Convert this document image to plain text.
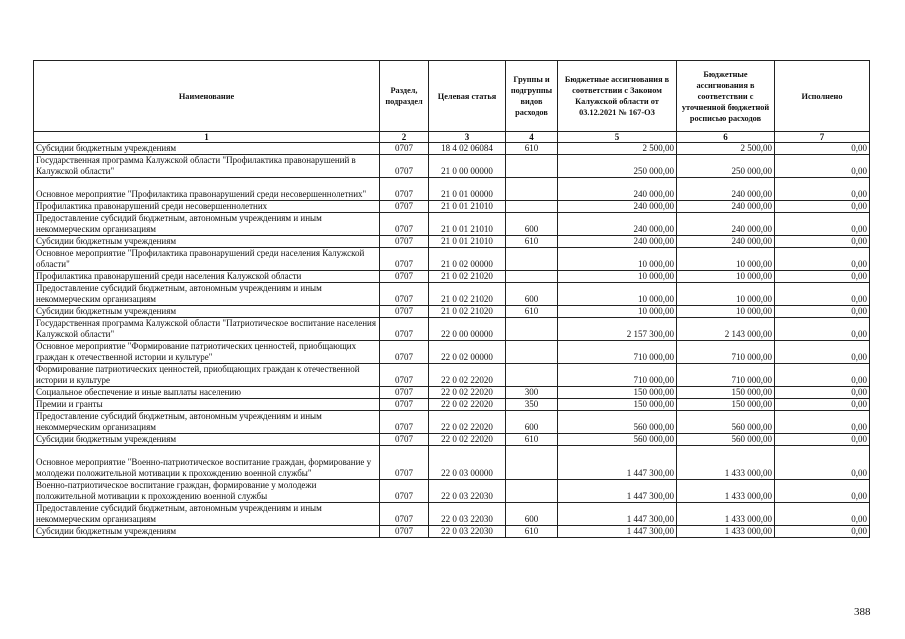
Наименование	Раздел, подраздел	Целевая статья	Группы и подгруппы видов расходов	Бюджетные ассигнования в соответствии с Законом Калужской области от 03.12.2021 № 167-ОЗ	Бюджетные ассигнования в соответствии с уточненной бюджетной росписью расходов	Исполнено
1	2	3	4	5	6	7
Субсидии бюджетным учреждениям	0707	18 4 02 06084	610	2 500,00	2 500,00	0,00
Государственная программа Калужской области "Профилактика правонарушений в Калужской области"	0707	21 0 00 00000		250 000,00	250 000,00	0,00
Основное мероприятие "Профилактика правонарушений среди несовершеннолетних"	0707	21 0 01 00000		240 000,00	240 000,00	0,00
Профилактика правонарушений среди несовершеннолетних	0707	21 0 01 21010		240 000,00	240 000,00	0,00
Предоставление субсидий бюджетным, автономным учреждениям и иным некоммерческим организациям	0707	21 0 01 21010	600	240 000,00	240 000,00	0,00
Субсидии бюджетным учреждениям	0707	21 0 01 21010	610	240 000,00	240 000,00	0,00
Основное мероприятие "Профилактика правонарушений среди населения Калужской области"	0707	21 0 02 00000		10 000,00	10 000,00	0,00
Профилактика правонарушений среди населения Калужской области	0707	21 0 02 21020		10 000,00	10 000,00	0,00
Предоставление субсидий бюджетным, автономным учреждениям и иным некоммерческим организациям	0707	21 0 02 21020	600	10 000,00	10 000,00	0,00
Субсидии бюджетным учреждениям	0707	21 0 02 21020	610	10 000,00	10 000,00	0,00
Государственная программа Калужской области "Патриотическое воспитание населения Калужской области"	0707	22 0 00 00000		2 157 300,00	2 143 000,00	0,00
Основное мероприятие "Формирование патриотических ценностей, приобщающих граждан к отечественной истории и культуре"	0707	22 0 02 00000		710 000,00	710 000,00	0,00
Формирование патриотических ценностей, приобщающих граждан к отечественной истории и культуре	0707	22 0 02 22020		710 000,00	710 000,00	0,00
Социальное обеспечение и иные выплаты населению	0707	22 0 02 22020	300	150 000,00	150 000,00	0,00
Премии и гранты	0707	22 0 02 22020	350	150 000,00	150 000,00	0,00
Предоставление субсидий бюджетным, автономным учреждениям и иным некоммерческим организациям	0707	22 0 02 22020	600	560 000,00	560 000,00	0,00
Субсидии бюджетным учреждениям	0707	22 0 02 22020	610	560 000,00	560 000,00	0,00
Основное мероприятие "Военно-патриотическое воспитание граждан, формирование у молодежи положительной мотивации к прохождению военной службы"	0707	22 0 03 00000		1 447 300,00	1 433 000,00	0,00
Военно-патриотическое воспитание граждан, формирование у молодежи положительной мотивации к прохождению военной службы	0707	22 0 03 22030		1 447 300,00	1 433 000,00	0,00
Предоставление субсидий бюджетным, автономным учреждениям и иным некоммерческим организациям	0707	22 0 03 22030	600	1 447 300,00	1 433 000,00	0,00
Субсидии бюджетным учреждениям	0707	22 0 03 22030	610	1 447 300,00	1 433 000,00	0,00
388
